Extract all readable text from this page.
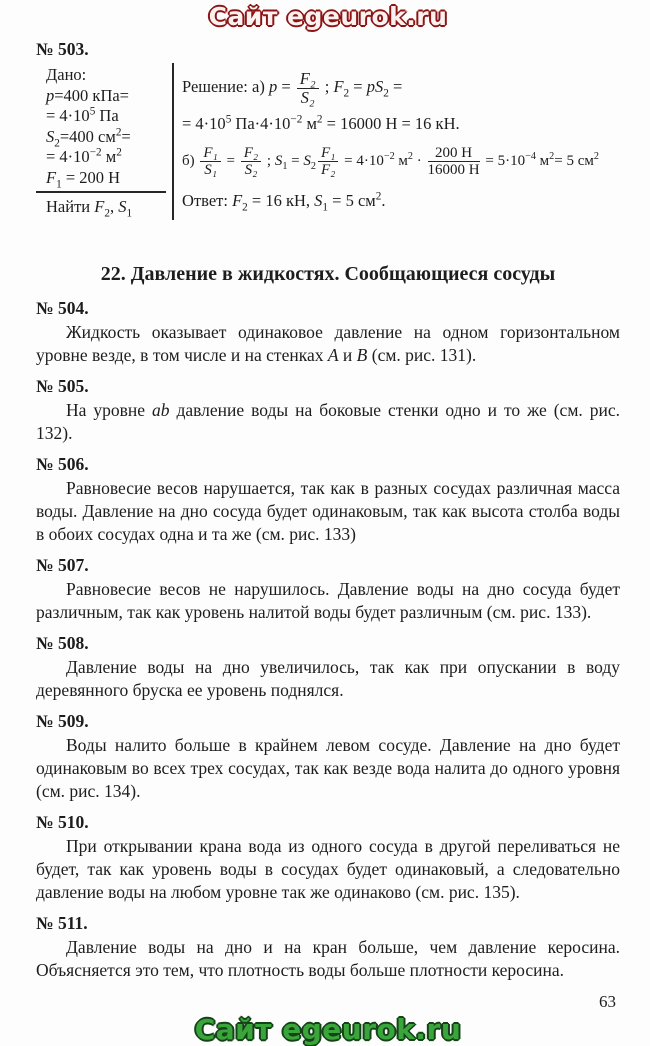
Сайт egeurok.ru
№ 503.
Дано:
p=400 кПа=
= $4\cdot 10^5$ Па
$S_2=400$ $см^2=$
= $4\cdot 10^{-2}$ $м^2$
$F_1 = 200$ Н
Найти $F_2$, $S_1$
Решение: а) $p = \frac{\text{F₂}}{\text{S₂}}$ ; $F_2 = pS_2$ =
= $4\cdot 10^5$ $Па\cdot 4\cdot 10^{-2}$ $м^2 = 16000$ Н = 16 кН.
$б) \frac{\text{F₁}}{\text{S₁}} = \frac{\text{F₂}}{\text{S₂}}$ ; $S_1 = S_2 \frac{\text{F₁}}{\text{F₂}} = 4\cdot 10^{-2}$ $м^2 \cdot \frac{200 Н}{16000 Н} = 5\cdot 10^{-4}$ $м^2= 5$ $см^2$
Ответ: $F_2 = 16$ кН, $S_1 = 5$ $см^2$.
22. Давление в жидкостях. Сообщающиеся сосуды
№ 504.

Жидкость оказывает одинаковое давление на одном горизонтальном уровне везде, в том числе и на стенках А и В (см. рис. 131).

№ 505.

На уровне ab давление воды на боковые стенки одно и то же (см. рис. 132).

№ 506.

Равновесие весов нарушается, так как в разных сосудах различная масса воды. Давление на дно сосуда будет одинаковым, так как высота столба воды в обоих сосудах одна и та же (см. рис. 133)

№ 507.

Равновесие весов не нарушилось. Давление воды на дно сосуда будет различным, так как уровень налитой воды будет различным (см. рис. 133).

№ 508.

Давление воды на дно увеличилось, так как при опускании в воду деревянного бруска ее уровень поднялся.

№ 509.

Воды налито больше в крайнем левом сосуде. Давление на дно будет одинаковым во всех трех сосудах, так как везде вода налита до одного уровня (см. рис. 134).

№ 510.

При открывании крана вода из одного сосуда в другой переливаться не будет, так как уровень воды в сосудах будет одинаковый, а следовательно давление воды на любом уровне так же одинаково (см. рис. 135).

№ 511.

Давление воды на дно и на кран больше, чем давление керосина. Объясняется это тем, что плотность воды больше плотности керосина.

63
Сайт egeurok.ru
